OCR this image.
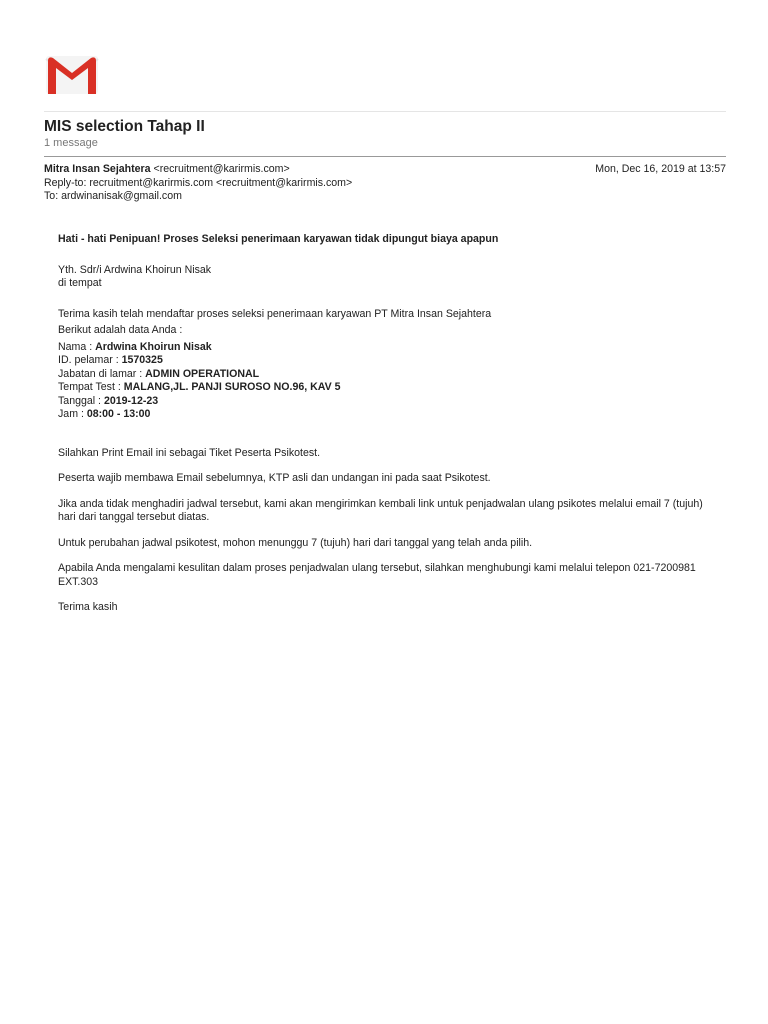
MIS selection Tahap II
1 message
Mitra Insan Sejahtera <recruitment@karirmis.com>	Mon, Dec 16, 2019 at 13:57
Reply-to: recruitment@karirmis.com <recruitment@karirmis.com>
To: ardwinanisak@gmail.com

Hati - hati Penipuan! Proses Seleksi penerimaan karyawan tidak dipungut biaya apapun

Yth. Sdr/i Ardwina Khoirun Nisak

di tempat

Terima kasih telah mendaftar proses seleksi penerimaan karyawan PT Mitra Insan Sejahtera

Berikut adalah data Anda :

Nama : Ardwina Khoirun Nisak

ID. pelamar : 1570325

Jabatan di lamar : ADMIN OPERATIONAL

Tempat Test : MALANG,JL. PANJI SUROSO NO.96, KAV 5

Tanggal : 2019-12-23

Jam : 08:00 - 13:00

Silahkan Print Email ini sebagai Tiket Peserta Psikotest.

Peserta wajib membawa Email sebelumnya, KTP asli dan undangan ini pada saat Psikotest.

Jika anda tidak menghadiri jadwal tersebut, kami akan mengirimkan kembali link untuk penjadwalan ulang psikotes melalui email 7 (tujuh) hari dari tanggal tersebut diatas.

Untuk perubahan jadwal psikotest, mohon menunggu 7 (tujuh) hari dari tanggal yang telah anda pilih.

Apabila Anda mengalami kesulitan dalam proses penjadwalan ulang tersebut, silahkan menghubungi kami melalui telepon 021-7200981 EXT.303

Terima kasih
